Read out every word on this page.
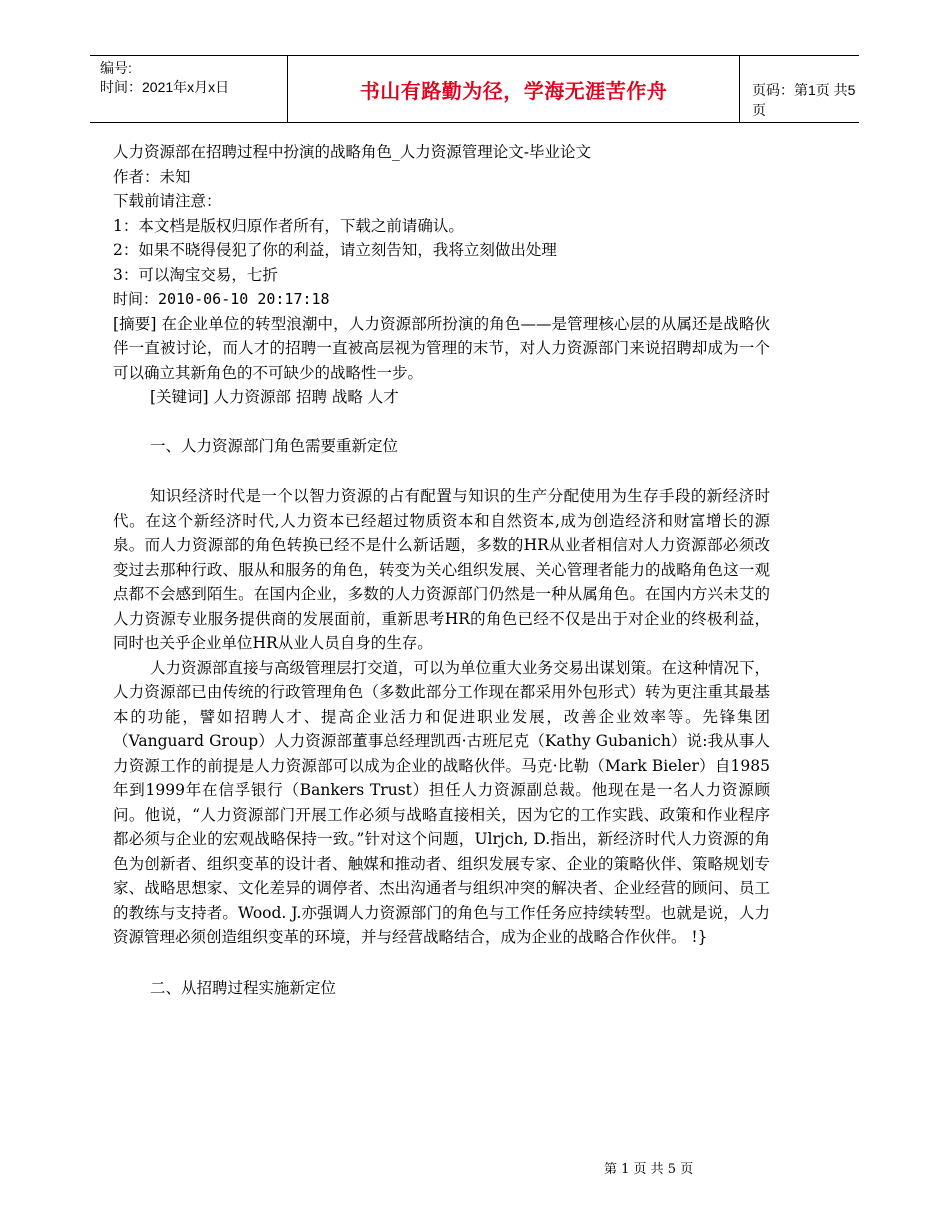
编号:
时间：2021年x月x日	书山有路勤为径，学海无涯苦作舟	页码：第1页 共5页

人力资源部在招聘过程中扮演的战略角色_人力资源管理论文-毕业论文

作者：未知

下载前请注意：

1：本文档是版权归原作者所有，下载之前请确认。

2：如果不晓得侵犯了你的利益，请立刻告知，我将立刻做出处理

3：可以淘宝交易，七折

时间：2010-06-10 20:17:18

[摘要] 在企业单位的转型浪潮中，人力资源部所扮演的角色——是管理核心层的从属还是战略伙伴一直被讨论，而人才的招聘一直被高层视为管理的末节，对人力资源部门来说招聘却成为一个可以确立其新角色的不可缺少的战略性一步。

[关键词] 人力资源部 招聘 战略 人才

一、人力资源部门角色需要重新定位

知识经济时代是一个以智力资源的占有配置与知识的生产分配使用为生存手段的新经济时代。在这个新经济时代,人力资本已经超过物质资本和自然资本,成为创造经济和财富增长的源泉。而人力资源部的角色转换已经不是什么新话题，多数的HR从业者相信对人力资源部必须改变过去那种行政、服从和服务的角色，转变为关心组织发展、关心管理者能力的战略角色这一观点都不会感到陌生。在国内企业，多数的人力资源部门仍然是一种从属角色。在国内方兴未艾的人力资源专业服务提供商的发展面前，重新思考HR的角色已经不仅是出于对企业的终极利益，同时也关乎企业单位HR从业人员自身的生存。

人力资源部直接与高级管理层打交道，可以为单位重大业务交易出谋划策。在这种情况下，人力资源部已由传统的行政管理角色（多数此部分工作现在都采用外包形式）转为更注重其最基本的功能，譬如招聘人才、提高企业活力和促进职业发展，改善企业效率等。先锋集团（Vanguard Group）人力资源部董事总经理凯西·古班尼克（Kathy Gubanich）说:我从事人力资源工作的前提是人力资源部可以成为企业的战略伙伴。马克·比勒（Mark Bieler）自1985年到1999年在信孚银行（Bankers Trust）担任人力资源副总裁。他现在是一名人力资源顾问。他说，“人力资源部门开展工作必须与战略直接相关，因为它的工作实践、政策和作业程序都必须与企业的宏观战略保持一致。”针对这个问题，Ulrjch, D.指出，新经济时代人力资源的角色为创新者、组织变革的设计者、触媒和推动者、组织发展专家、企业的策略伙伴、策略规划专家、战略思想家、文化差异的调停者、杰出沟通者与组织冲突的解决者、企业经营的顾问、员工的教练与支持者。Wood. J.亦强调人力资源部门的角色与工作任务应持续转型。也就是说，人力资源管理必须创造组织变革的环境，并与经营战略结合，成为企业的战略合作伙伴。 !}

二、从招聘过程实施新定位

第 1 页 共 5 页
